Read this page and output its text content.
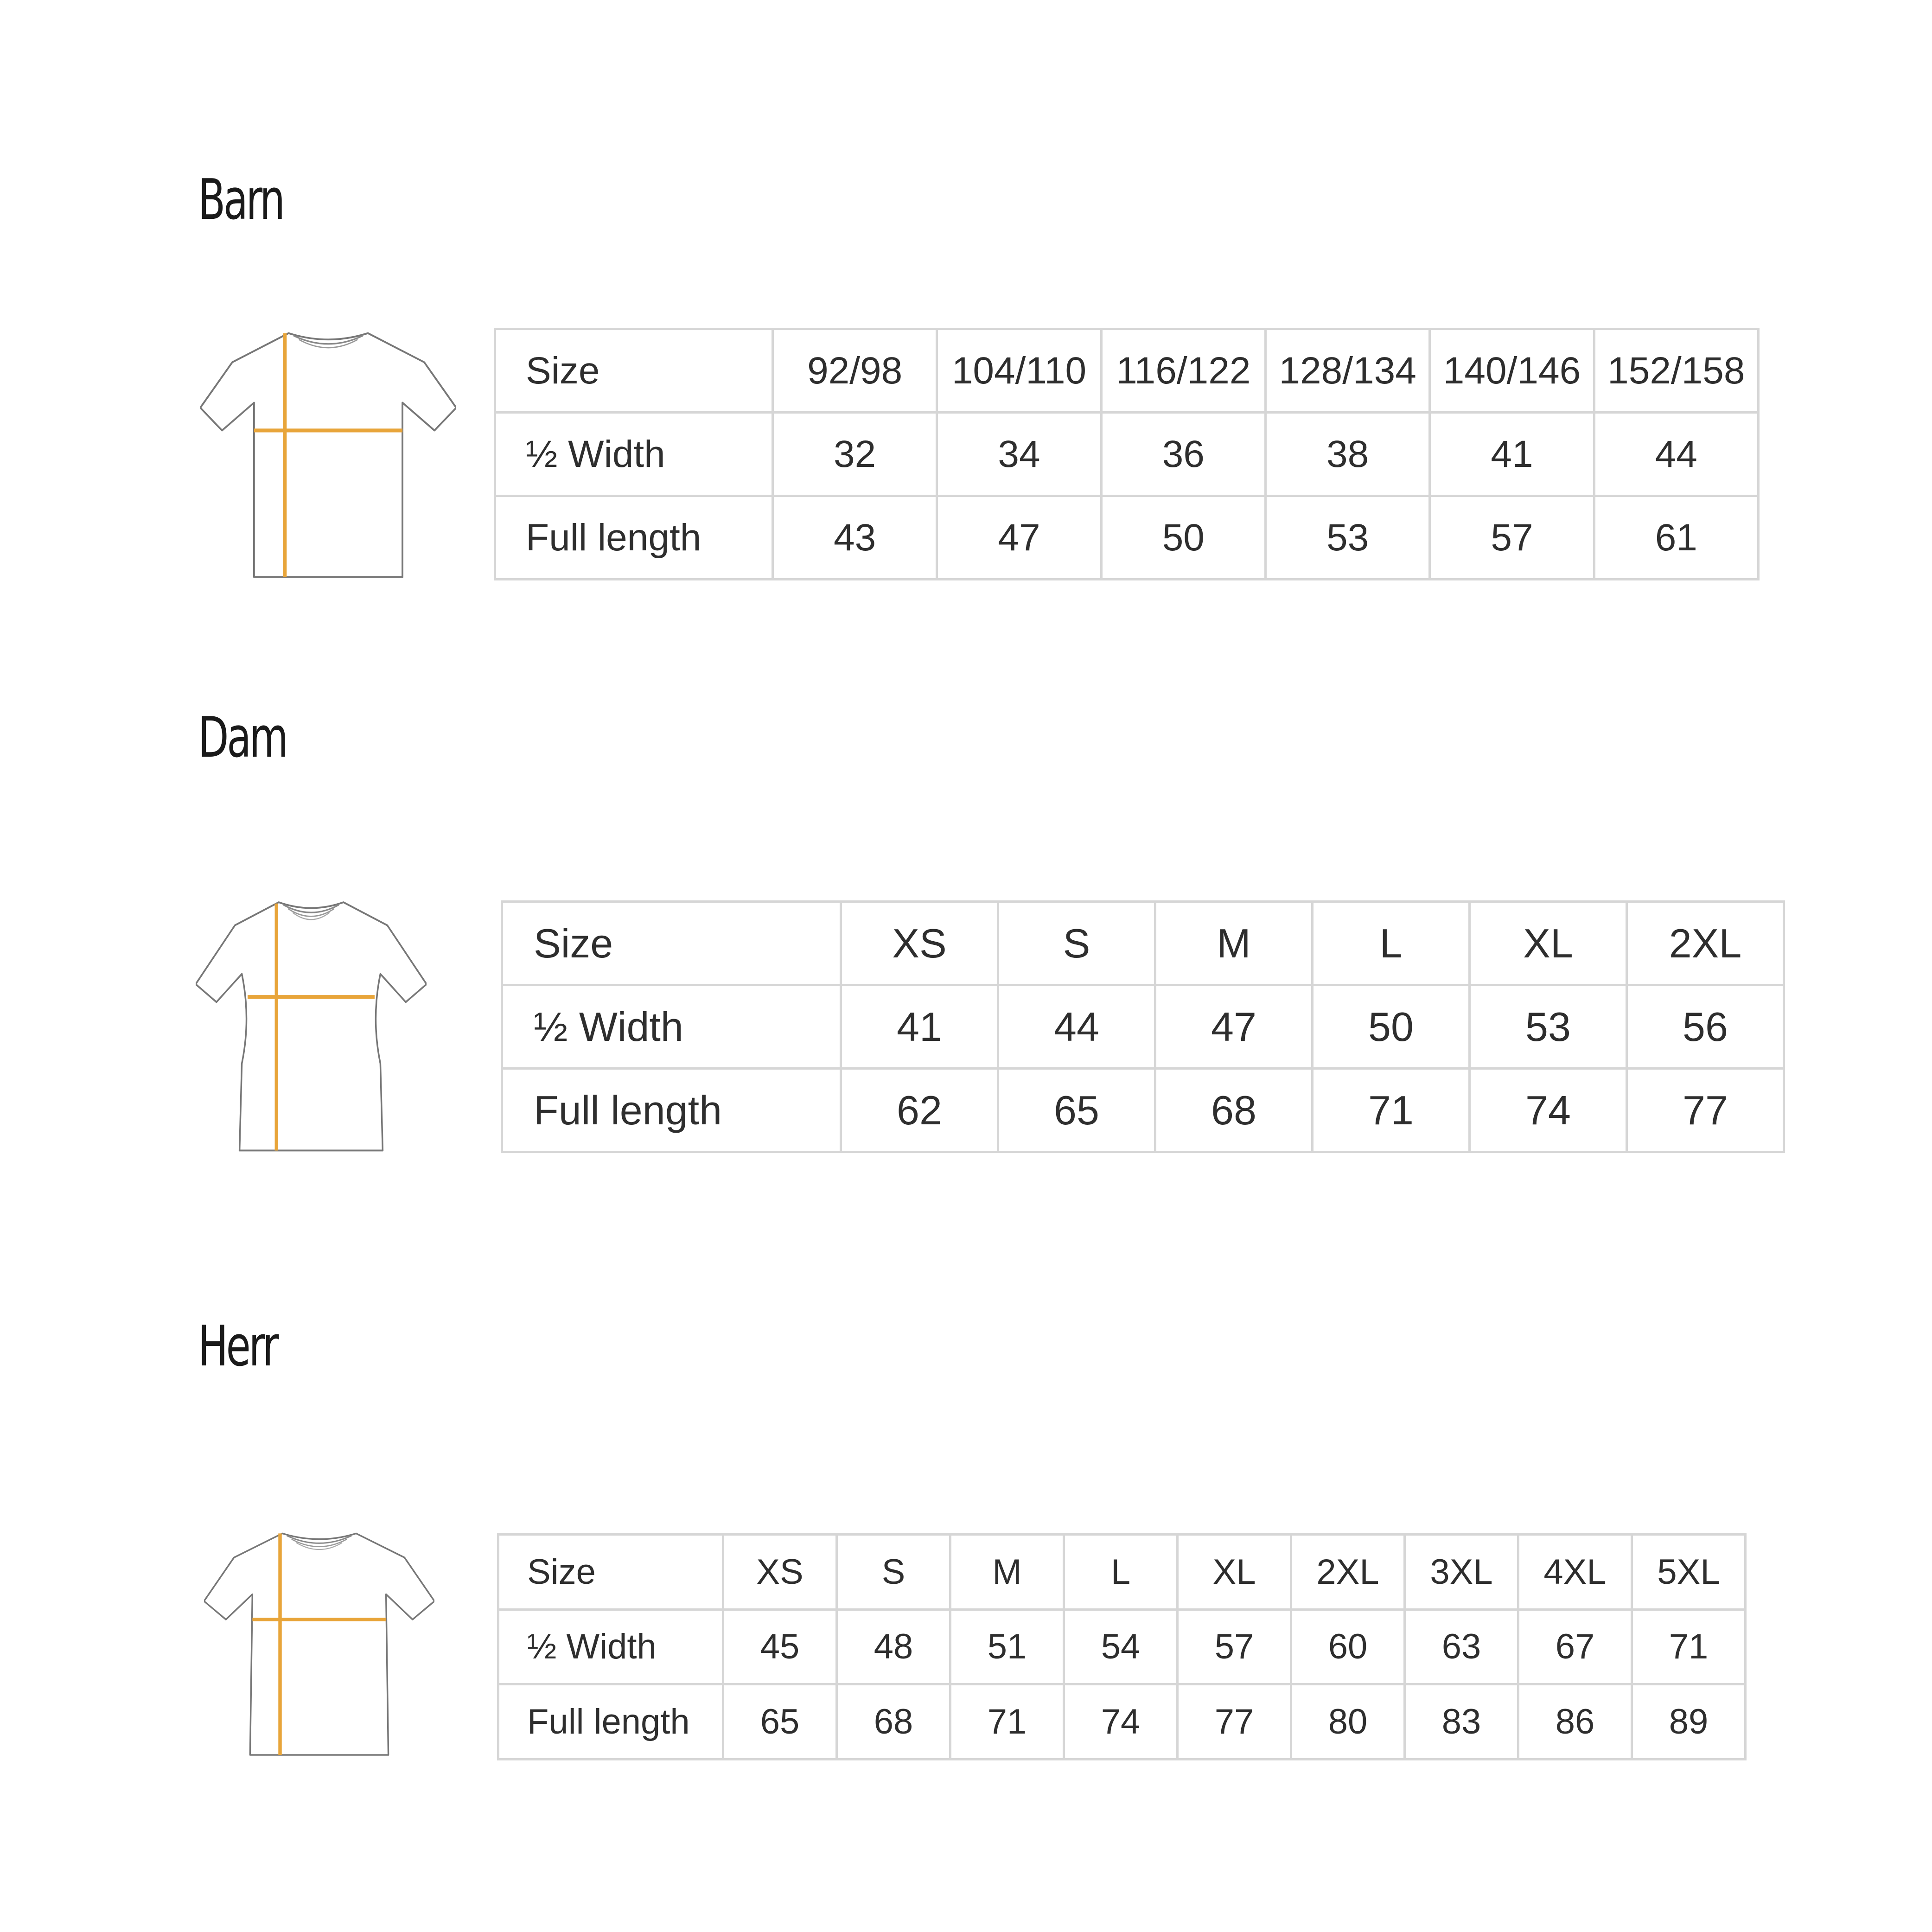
Barn
Size	92/98	104/110	116/122	128/134	140/146	152/158
½ Width	32	34	36	38	41	44
Full length	43	47	50	53	57	61
Dam
Size	XS	S	M	L	XL	2XL
½ Width	41	44	47	50	53	56
Full length	62	65	68	71	74	77
Herr
Size	XS	S	M	L	XL	2XL	3XL	4XL	5XL
½ Width	45	48	51	54	57	60	63	67	71
Full length	65	68	71	74	77	80	83	86	89
